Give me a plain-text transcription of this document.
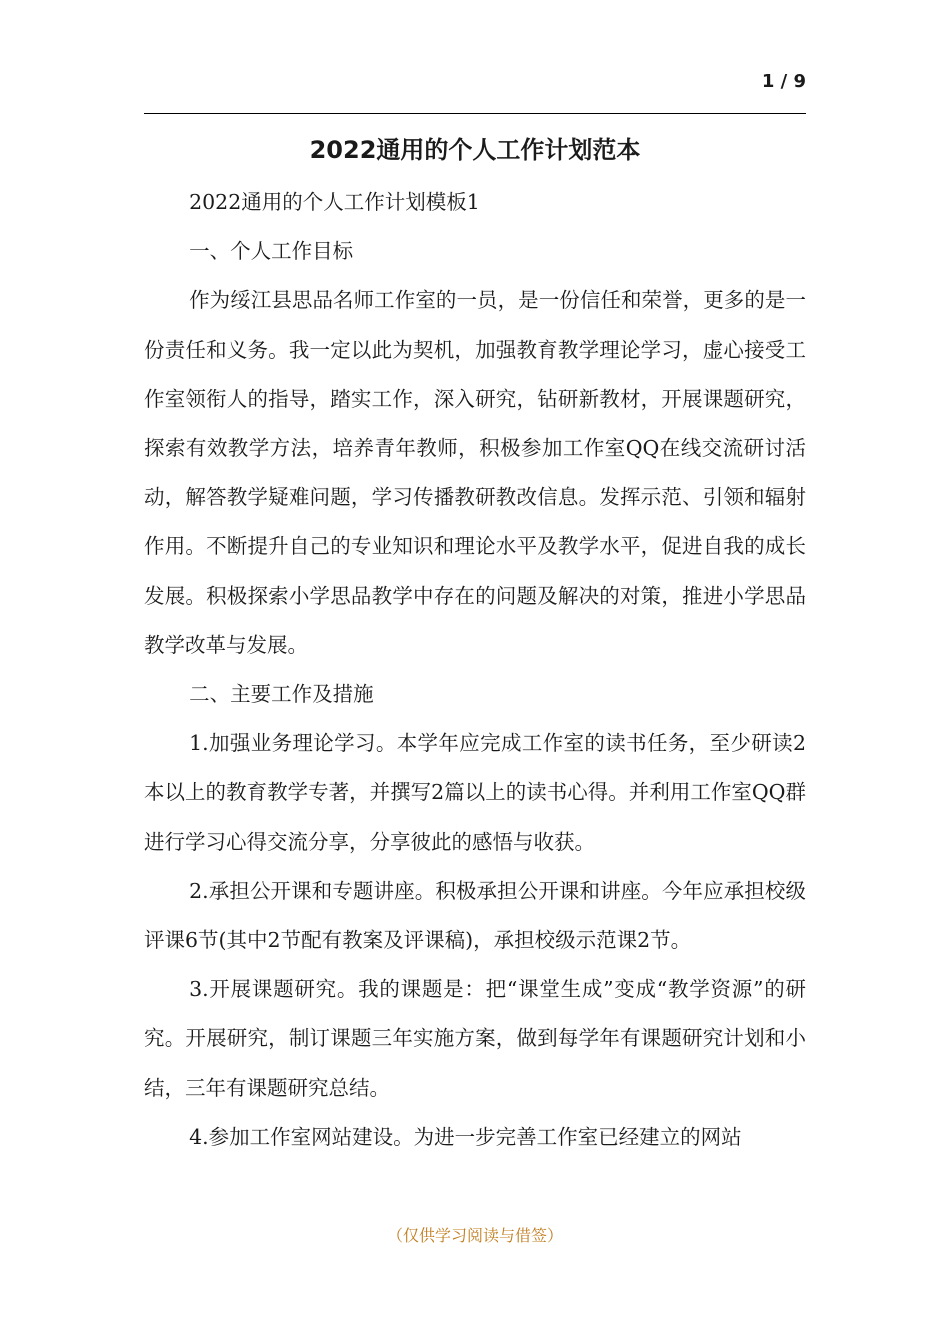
1 / 9
2022通用的个人工作计划范本

2022通用的个人工作计划模板1

一、个人工作目标

作为绥江县思品名师工作室的一员，是一份信任和荣誉，更多的是一份责任和义务。我一定以此为契机，加强教育教学理论学习，虚心接受工作室领衔人的指导，踏实工作，深入研究，钻研新教材，开展课题研究，探索有效教学方法，培养青年教师，积极参加工作室QQ在线交流研讨活动，解答教学疑难问题，学习传播教研教改信息。发挥示范、引领和辐射作用。不断提升自己的专业知识和理论水平及教学水平，促进自我的成长发展。积极探索小学思品教学中存在的问题及解决的对策，推进小学思品教学改革与发展。

二、主要工作及措施

1.加强业务理论学习。本学年应完成工作室的读书任务，至少研读2本以上的教育教学专著，并撰写2篇以上的读书心得。并利用工作室QQ群进行学习心得交流分享，分享彼此的感悟与收获。

2.承担公开课和专题讲座。积极承担公开课和讲座。今年应承担校级评课6节(其中2节配有教案及评课稿)，承担校级示范课2节。

3.开展课题研究。我的课题是：把“课堂生成”变成“教学资源”的研究。开展研究，制订课题三年实施方案，做到每学年有课题研究计划和小结，三年有课题研究总结。

4.参加工作室网站建设。为进一步完善工作室已经建立的网站

（仅供学习阅读与借签）
